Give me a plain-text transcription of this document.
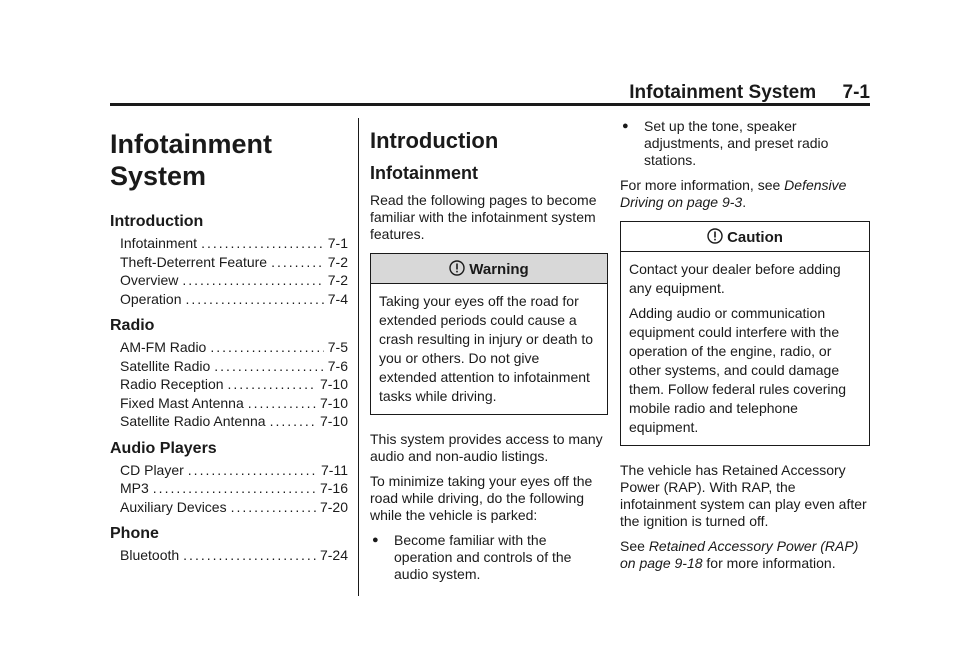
Infotainment System 7-1
Infotainment
System
Introduction
Infotainment .....	7-1
Theft-Deterrent Feature .....	7-2
Overview .....	7-2
Operation .....	7-4
Radio
AM-FM Radio .....	7-5
Satellite Radio .....	7-6
Radio Reception .....	7-10
Fixed Mast Antenna .....	7-10
Satellite Radio Antenna .....	7-10
Audio Players
CD Player .....	7-11
MP3 .....	7-16
Auxiliary Devices .....	7-20
Phone
Bluetooth .....	7-24
Introduction
Infotainment

Read the following pages to become familiar with the infotainment system features.

Warning

Taking your eyes off the road for extended periods could cause a crash resulting in injury or death to you or others. Do not give extended attention to infotainment tasks while driving.

This system provides access to many audio and non-audio listings.

To minimize taking your eyes off the road while driving, do the following while the vehicle is parked:

●	Become familiar with the operation and controls of the audio system.
●	Set up the tone, speaker adjustments, and preset radio stations.

For more information, see Defensive Driving on page 9-3.

Caution

Contact your dealer before adding any equipment.

Adding audio or communication equipment could interfere with the operation of the engine, radio, or other systems, and could damage them. Follow federal rules covering mobile radio and telephone equipment.

The vehicle has Retained Accessory Power (RAP). With RAP, the infotainment system can play even after the ignition is turned off.

See Retained Accessory Power (RAP) on page 9-18 for more information.
